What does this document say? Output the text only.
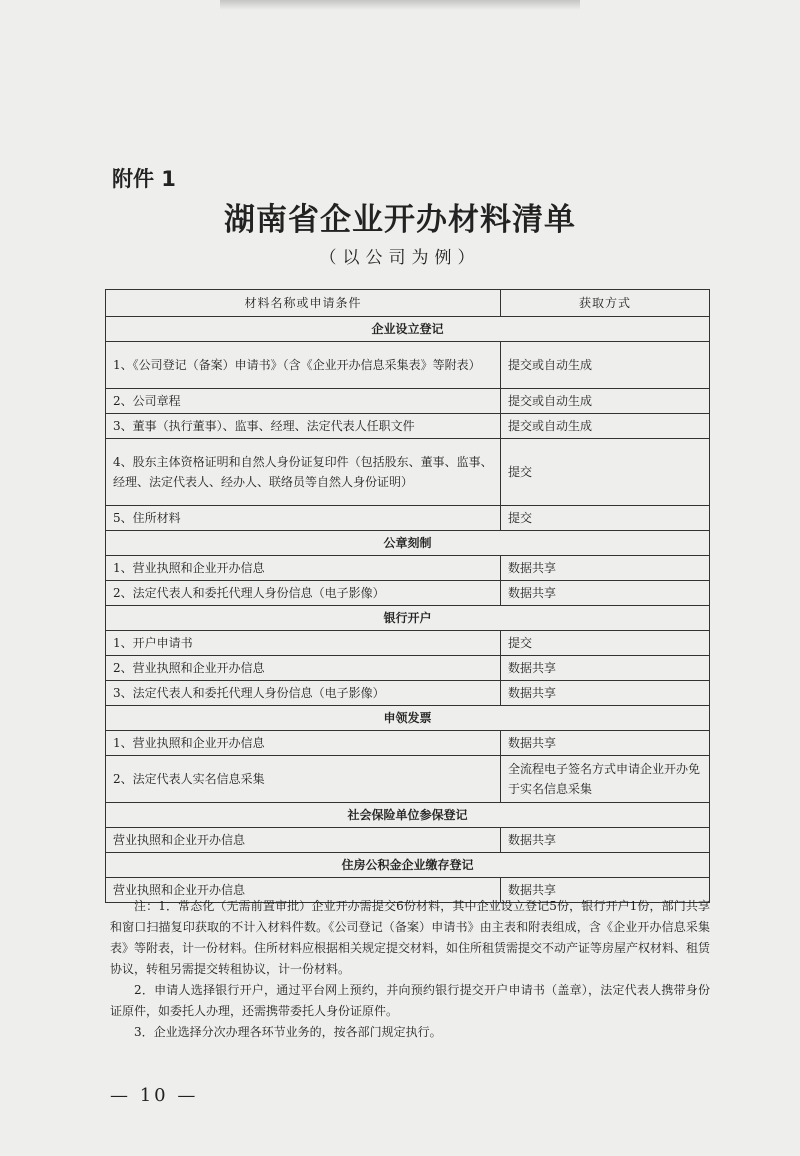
附件 1
湖南省企业开办材料清单
（以公司为例）
材料名称或申请条件	获取方式
企业设立登记	
1、《公司登记（备案）申请书》（含《企业开办信息采集表》等附表）	提交或自动生成
2、公司章程	提交或自动生成
3、董事（执行董事）、监事、经理、法定代表人任职文件	提交或自动生成
4、股东主体资格证明和自然人身份证复印件（包括股东、董事、监事、经理、法定代表人、经办人、联络员等自然人身份证明）	提交
5、住所材料	提交
公章刻制	
1、营业执照和企业开办信息	数据共享
2、法定代表人和委托代理人身份信息（电子影像）	数据共享
银行开户	
1、开户申请书	提交
2、营业执照和企业开办信息	数据共享
3、法定代表人和委托代理人身份信息（电子影像）	数据共享
申领发票	
1、营业执照和企业开办信息	数据共享
2、法定代表人实名信息采集	全流程电子签名方式申请企业开办免于实名信息采集
社会保险单位参保登记	
营业执照和企业开办信息	数据共享
住房公积金企业缴存登记	
营业执照和企业开办信息	数据共享

注：1．常态化（无需前置审批）企业开办需提交6份材料，其中企业设立登记5份，银行开户1份，部门共享和窗口扫描复印获取的不计入材料件数。《公司登记（备案）申请书》由主表和附表组成，含《企业开办信息采集表》等附表，计一份材料。住所材料应根据相关规定提交材料，如住所租赁需提交不动产证等房屋产权材料、租赁协议，转租另需提交转租协议，计一份材料。

2．申请人选择银行开户，通过平台网上预约，并向预约银行提交开户申请书（盖章），法定代表人携带身份证原件，如委托人办理，还需携带委托人身份证原件。

3．企业选择分次办理各环节业务的，按各部门规定执行。

— 10 —
